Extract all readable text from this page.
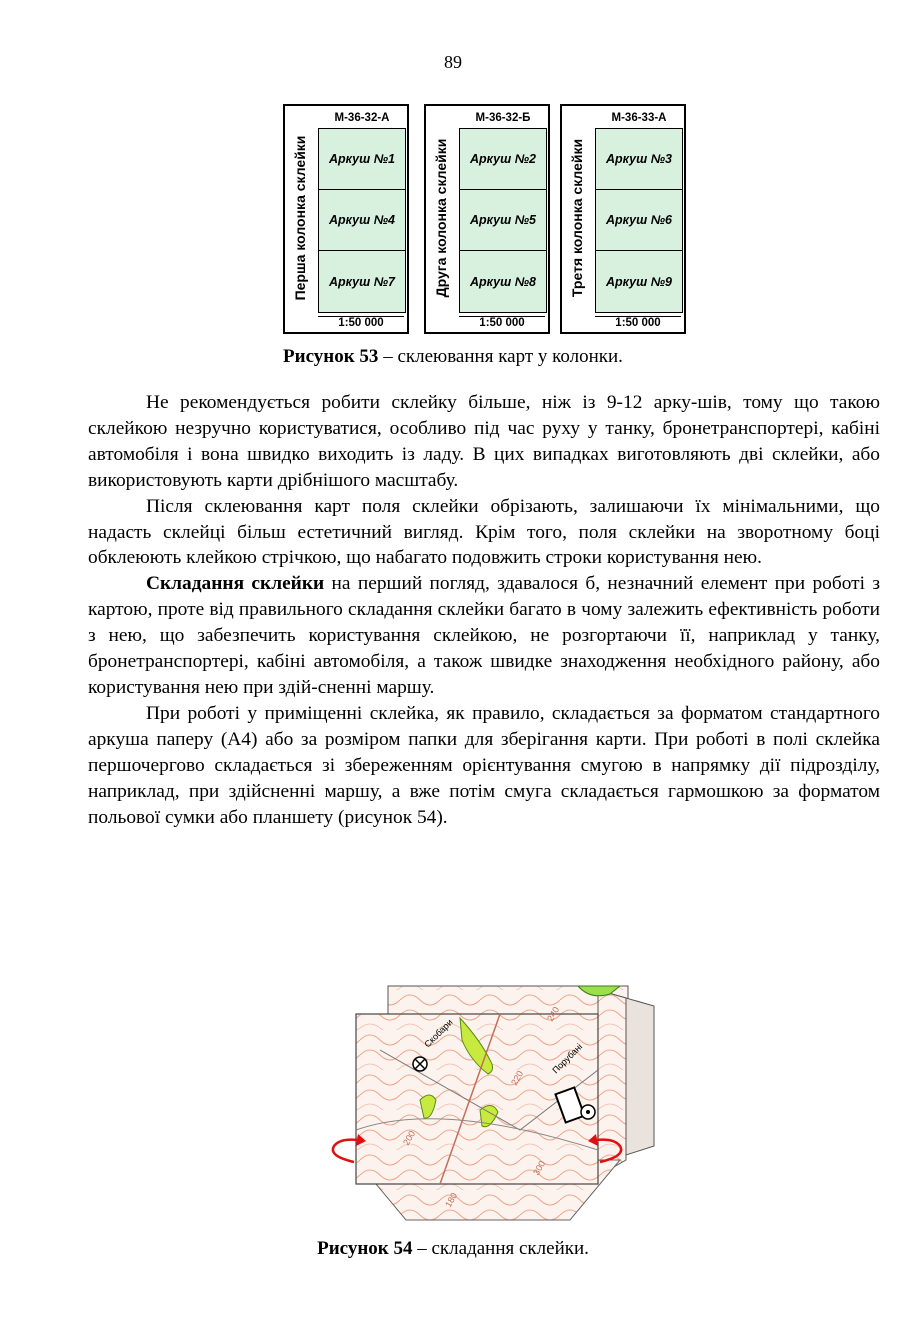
89
Перша колонка склейки
М-36-32-А
Аркуш №1
Аркуш №4
Аркуш №7
1:50 000
Друга колонка склейки
М-36-32-Б
Аркуш №2
Аркуш №5
Аркуш №8
1:50 000
Третя колонка склейки
М-36-33-А
Аркуш №3
Аркуш №6
Аркуш №9
1:50 000
Рисунок 53 – склеювання карт у колонки.

Не рекомендується робити склейку більше, ніж із 9-12 арку-шів, тому що такою склейкою незручно користуватися, особливо під час руху у танку, бронетранспортері, кабіні автомобіля і вона швидко виходить із ладу. В цих випадках виготовляють дві склейки, або використовують карти дрібнішого масштабу.

Після склеювання карт поля склейки обрізають, залишаючи їх мінімальними, що надасть склейці більш естетичний вигляд. Крім того, поля склейки на зворотному боці обклеюють клейкою стрічкою, що набагато подовжить строки користування нею.

Складання склейки на перший погляд, здавалося б, незначний елемент при роботі з картою, проте від правильного складання склейки багато в чому залежить ефективність роботи з нею, що забезпечить користування склейкою, не розгортаючи її, наприклад у танку, бронетранспортері, кабіні автомобіля, а також швидке знаходження необхідного району, або користування нею при здій-сненні маршу.

При роботі у приміщенні склейка, як правило, складається за форматом стандартного аркуша паперу (А4) або за розміром папки для зберігання карти. При роботі в полі склейка першочергово складається зі збереженням орієнтування смугою в напрямку дії підрозділу, наприклад, при здійсненні маршу, а вже потім смуга складається гармошкою за форматом польової сумки або планшету (рисунок 54).

Скобари
Порубані
200
220
240
180
300
Рисунок 54 – складання склейки.
